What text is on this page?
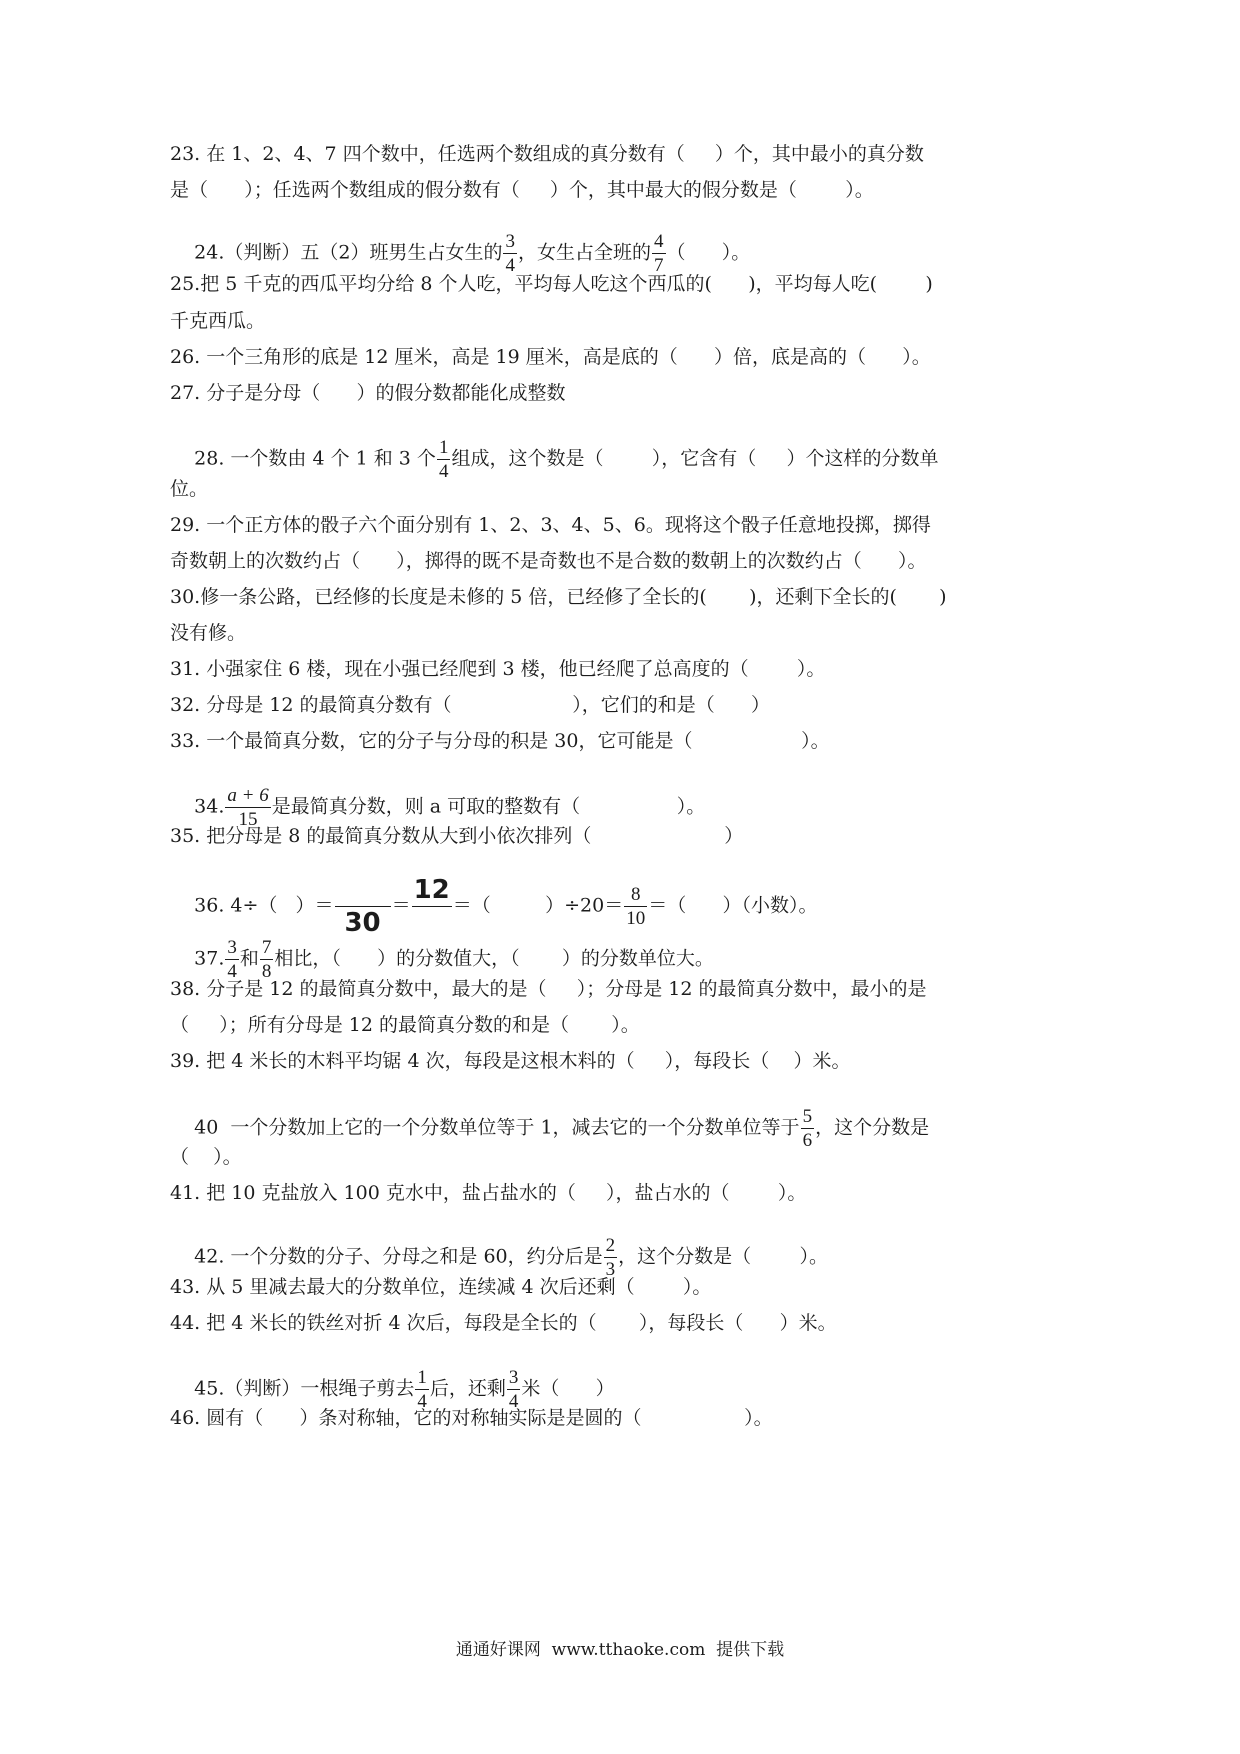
23. 在 1、2、4、7 四个数中，任选两个数组成的真分数有（     ）个，其中最小的真分数
是（      ）；任选两个数组成的假分数有（     ）个，其中最大的假分数是（        ）。

24.（判断）五（2）班男生占女生的 $\frac{3}{4}$ ，女生占全班的 $\frac{4}{7}$ （      ）。

25.把 5 千克的西瓜平均分给 8 个人吃，平均每人吃这个西瓜的(      )，平均每人吃(        )
千克西瓜。
26. 一个三角形的底是 12 厘米，高是 19 厘米，高是底的（      ）倍，底是高的（      ）。
27. 分子是分母（      ）的假分数都能化成整数

28. 一个数由 4 个 1 和 3 个 $\frac{1}{4}$ 组成，这个数是（        ），它含有（     ）个这样的分数单

位。
29. 一个正方体的骰子六个面分别有 1、2、3、4、5、6。现将这个骰子任意地投掷，掷得
奇数朝上的次数约占（      ），掷得的既不是奇数也不是合数的数朝上的次数约占（      ）。
30.修一条公路，已经修的长度是未修的 5 倍，已经修了全长的(       )，还剩下全长的(       )
没有修。
31. 小强家住 6 楼，现在小强已经爬到 3 楼，他已经爬了总高度的（        ）。
32. 分母是 12 的最简真分数有（                    ），它们的和是（      ）
33. 一个最简真分数，它的分子与分母的积是 30，它可能是（                  ）。

34. $\frac{a + 6}{15}$ 是最简真分数，则 a 可取的整数有（                ）。

35. 把分母是 8 的最简真分数从大到小依次排列（                      ）

36. 4÷（   ）＝
30
＝
12
＝（         ）$\div 20= \frac{8}{10}$ ＝（      ）（小数）。

37. $\frac{3}{4}$ 和 $\frac{7}{8}$ 相比，（      ）的分数值大，（       ）的分数单位大。

38. 分子是 12 的最简真分数中，最大的是（     ）；分母是 12 的最简真分数中，最小的是
（     ）；所有分母是 12 的最简真分数的和是（       ）。
39. 把 4 米长的木料平均锯 4 次，每段是这根木料的（     ），每段长（    ）米。

40  一个分数加上它的一个分数单位等于 1，减去它的一个分数单位等于 $\frac{5}{6}$ ，这个分数是

（    ）。
41. 把 10 克盐放入 100 克水中，盐占盐水的（     ），盐占水的（        ）。

42. 一个分数的分子、分母之和是 60，约分后是 $\frac{2}{3}$ ，这个分数是（        ）。

43. 从 5 里减去最大的分数单位，连续减 4 次后还剩（        ）。
44. 把 4 米长的铁丝对折 4 次后，每段是全长的（       ），每段长（      ）米。

45.（判断）一根绳子剪去 $\frac{1}{4}$ 后，还剩 $\frac{3}{4}$ 米（      ）

46. 圆有（      ）条对称轴，它的对称轴实际是是圆的（                 ）。
通通好课网  www.tthaoke.com  提供下载
